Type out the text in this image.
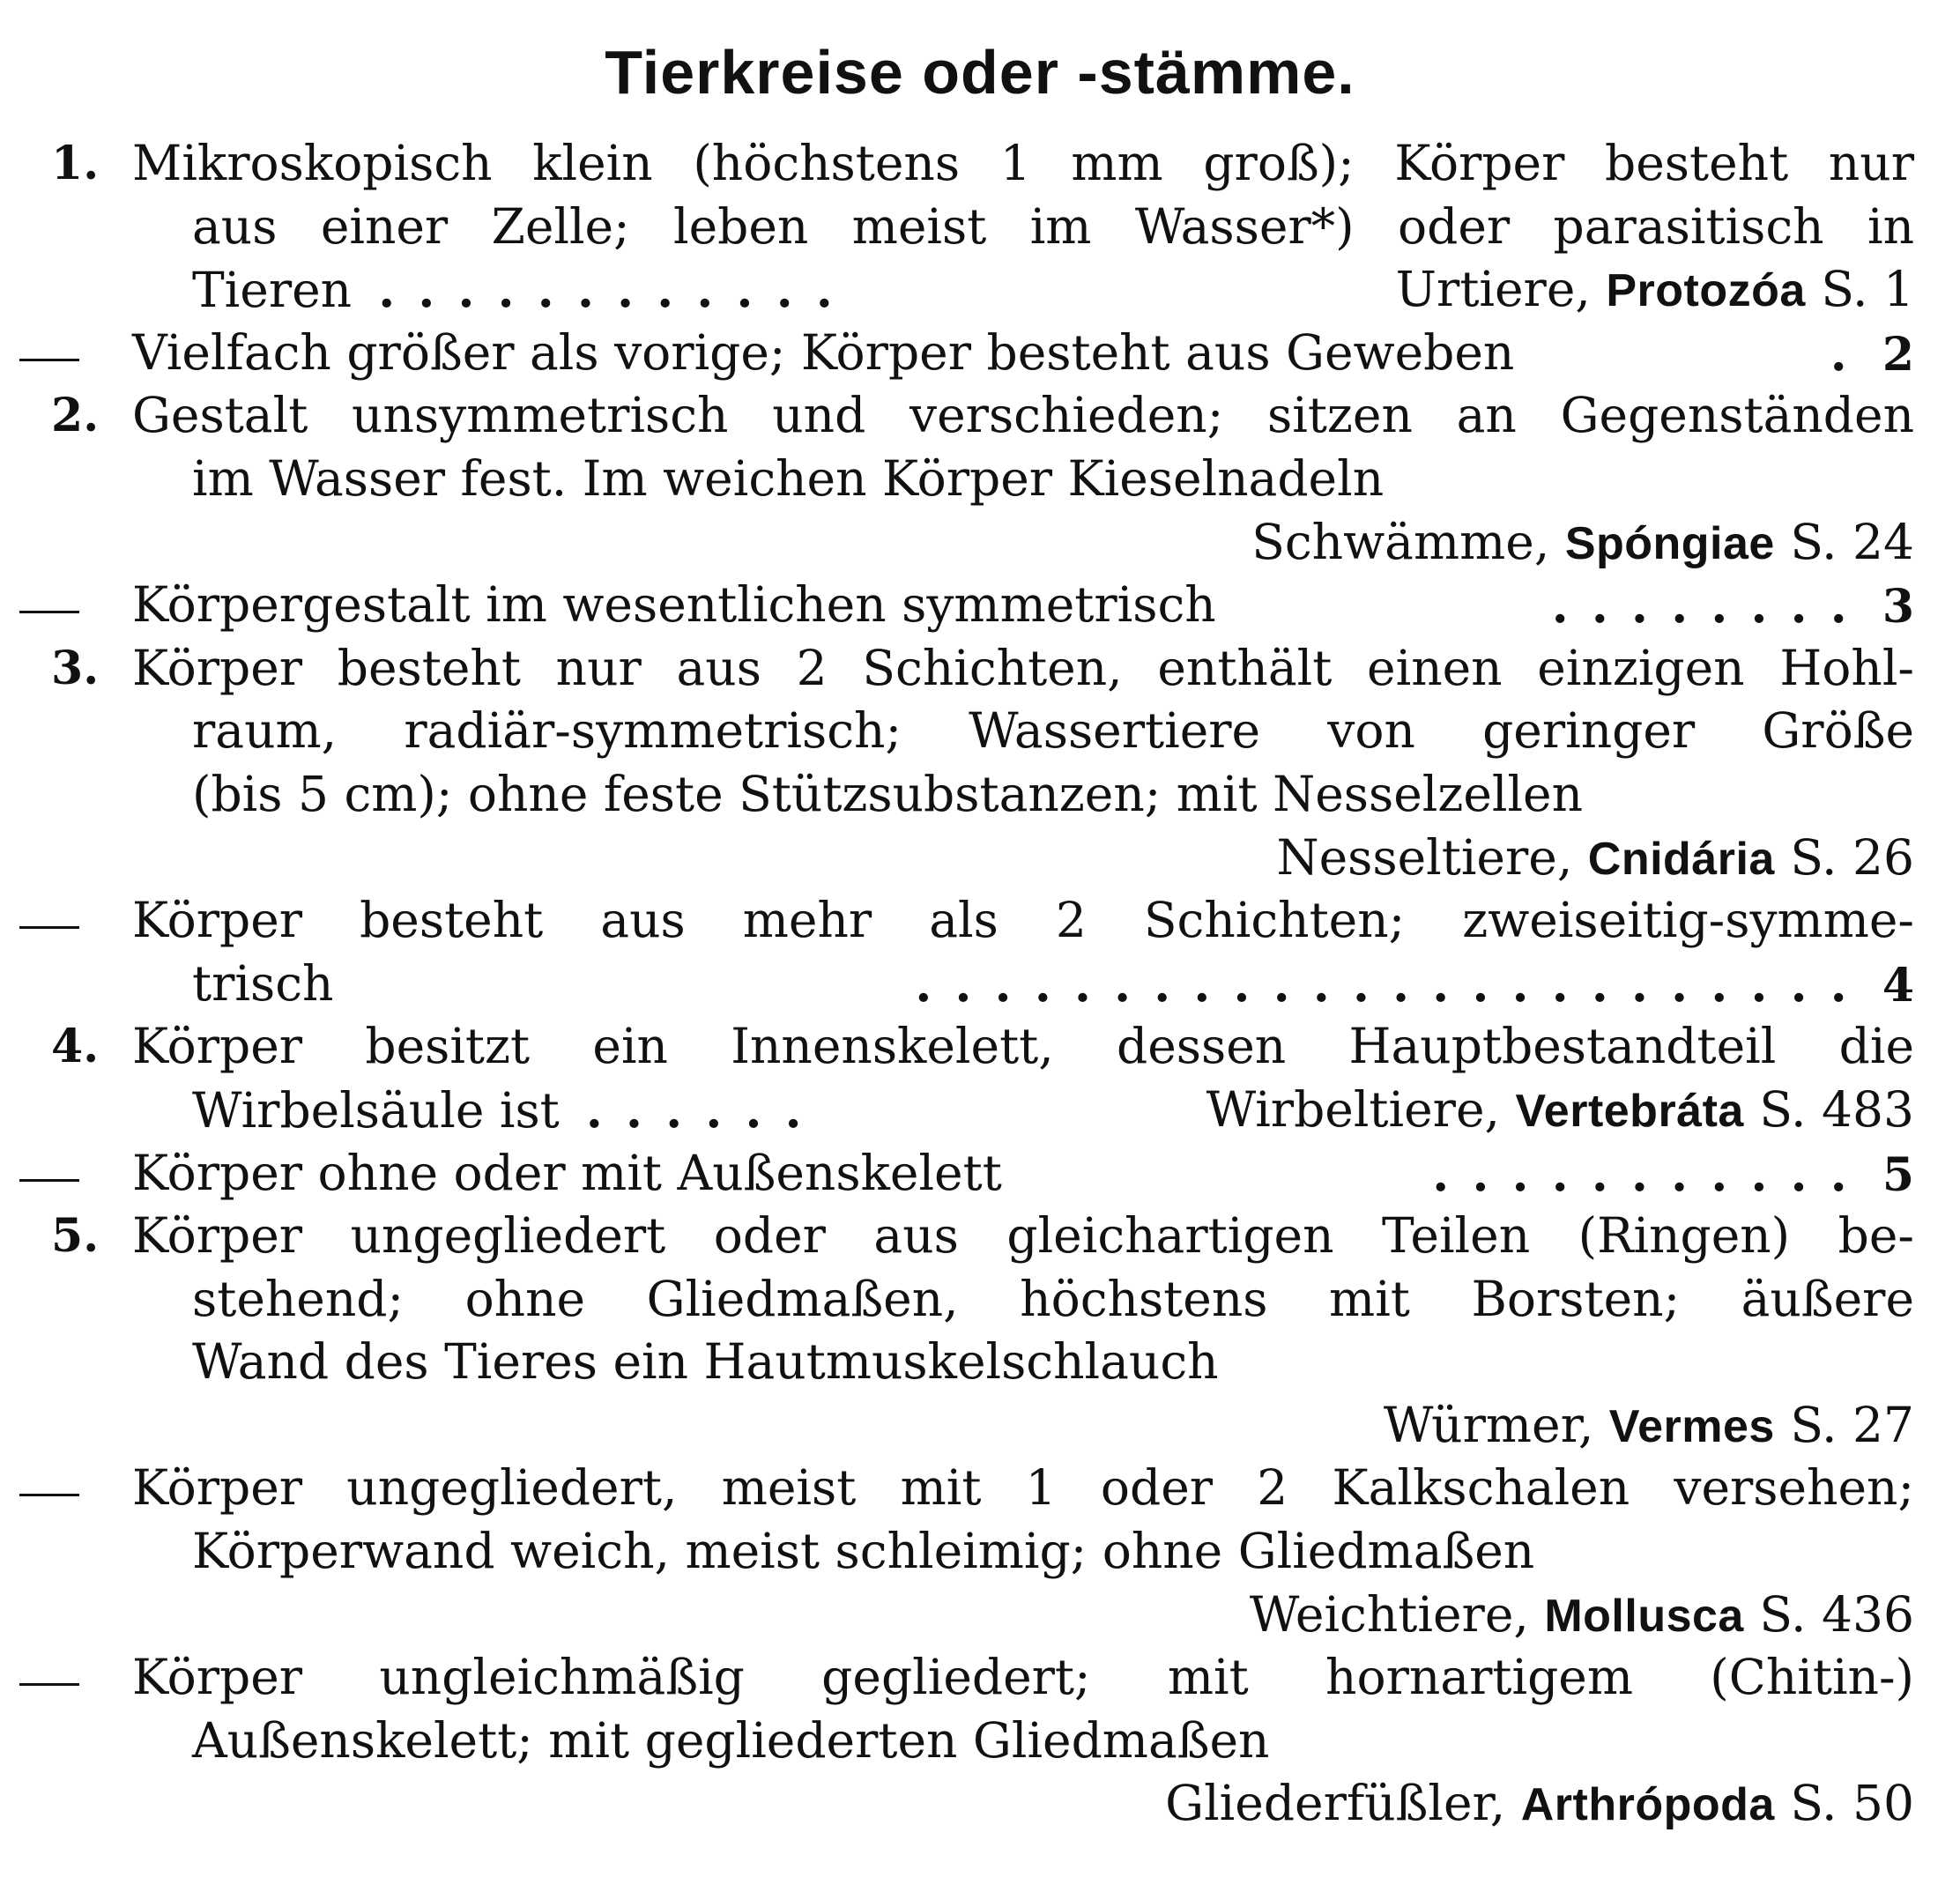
Tierkreise oder -stämme.
1. Mikroskopisch klein (höchstens 1 mm groß); Körper besteht nur
aus einer Zelle; leben meist im Wasser*) oder parasitisch in
Tieren ............	Urtiere, Protozóa S. 1
Vielfach größer als vorige; Körper besteht aus Geweben	. 2
2. Gestalt unsymmetrisch und verschieden; sitzen an Gegenständen
im Wasser fest. Im weichen Körper Kieselnadeln
Schwämme, Spóngiae S. 24
Körpergestalt im wesentlichen symmetrisch	........ 3
3. Körper besteht nur aus 2 Schichten, enthält einen einzigen Hohl-
raum, radiär-symmetrisch; Wassertiere von geringer Größe
(bis 5 cm); ohne feste Stützsubstanzen; mit Nesselzellen
Nesseltiere, Cnidária S. 26
Körper besteht aus mehr als 2 Schichten; zweiseitig-symme-
trisch	........................ 4
4. Körper besitzt ein Innenskelett, dessen Hauptbestandteil die
Wirbelsäule ist ......	Wirbeltiere, Vertebráta S. 483
Körper ohne oder mit Außenskelett	........... 5
5. Körper ungegliedert oder aus gleichartigen Teilen (Ringen) be-
stehend; ohne Gliedmaßen, höchstens mit Borsten; äußere
Wand des Tieres ein Hautmuskelschlauch
Würmer, Vermes S. 27
Körper ungegliedert, meist mit 1 oder 2 Kalkschalen versehen;
Körperwand weich, meist schleimig; ohne Gliedmaßen
Weichtiere, Mollusca S. 436
Körper ungleichmäßig gegliedert; mit hornartigem (Chitin-)
Außenskelett; mit gegliederten Gliedmaßen
Gliederfüßler, Arthrópoda S. 50
